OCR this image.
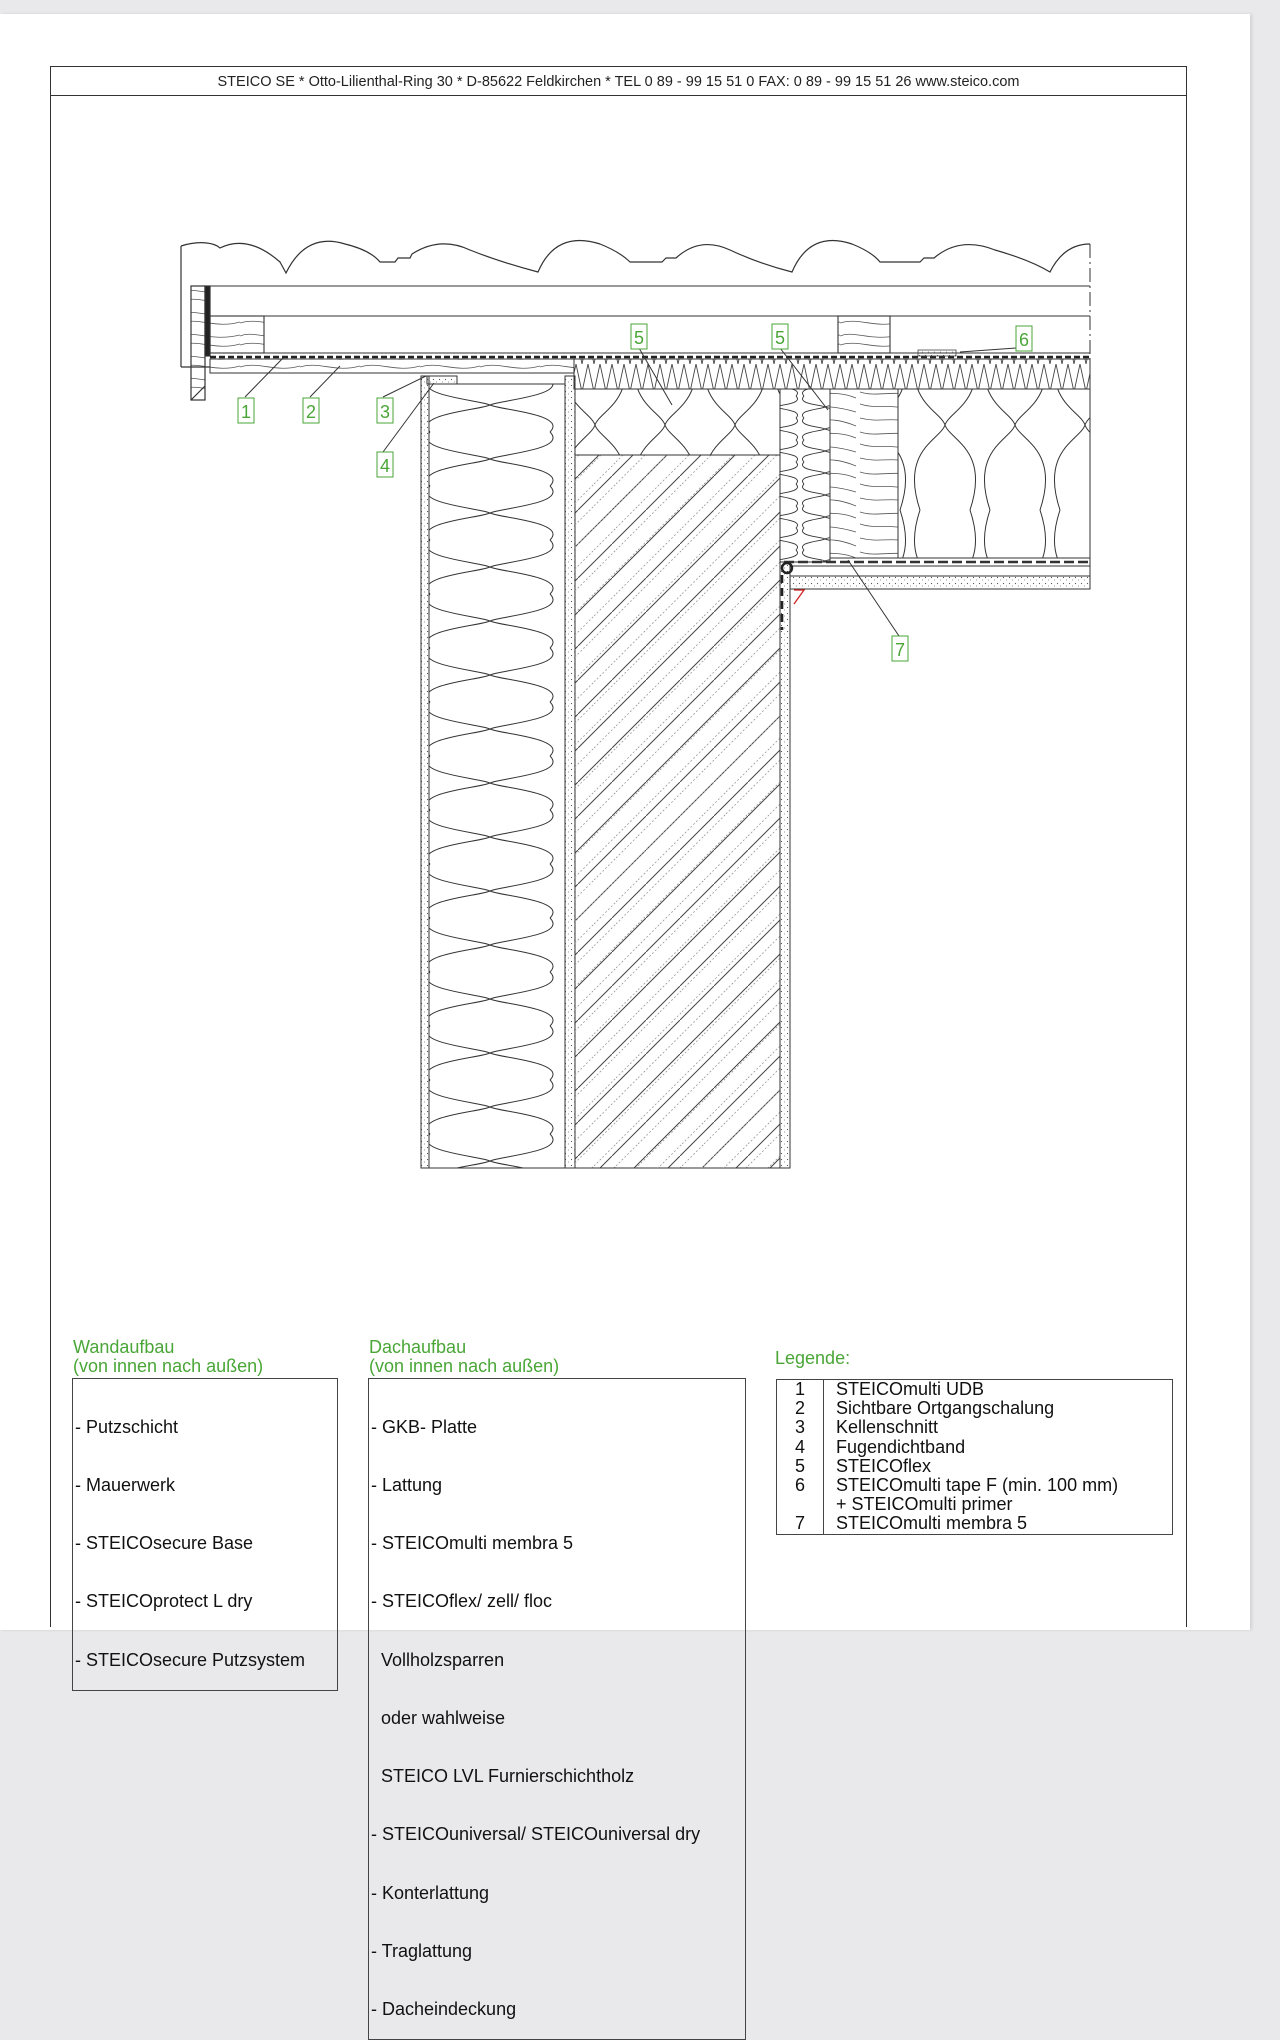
STEICO SE * Otto-Lilienthal-Ring 30 * D-85622 Feldkirchen * TEL 0 89 - 99 15 51 0 FAX: 0 89 - 99 15 51 26 www.steico.com
1	2	3
4
5	5	6
7
Wandaufbau
(von innen nach außen)

- Putzschicht

- Mauerwerk

- STEICOsecure Base

- STEICOprotect L dry

- STEICOsecure Putzsystem

Dachaufbau
(von innen nach außen)

- GKB- Platte

- Lattung

- STEICOmulti membra 5

- STEICOflex/ zell/ floc

Vollholzsparren

oder wahlweise

STEICO LVL Furnierschichtholz

- STEICOuniversal/ STEICOuniversal dry

- Konterlattung

- Traglattung

- Dacheindeckung

Legende:
1	STEICOmulti UDB
2	Sichtbare Ortgangschalung
3	Kellenschnitt
4	Fugendichtband
5	STEICOflex
6	STEICOmulti tape F (min. 100 mm)
+ STEICOmulti primer
7	STEICOmulti membra 5
